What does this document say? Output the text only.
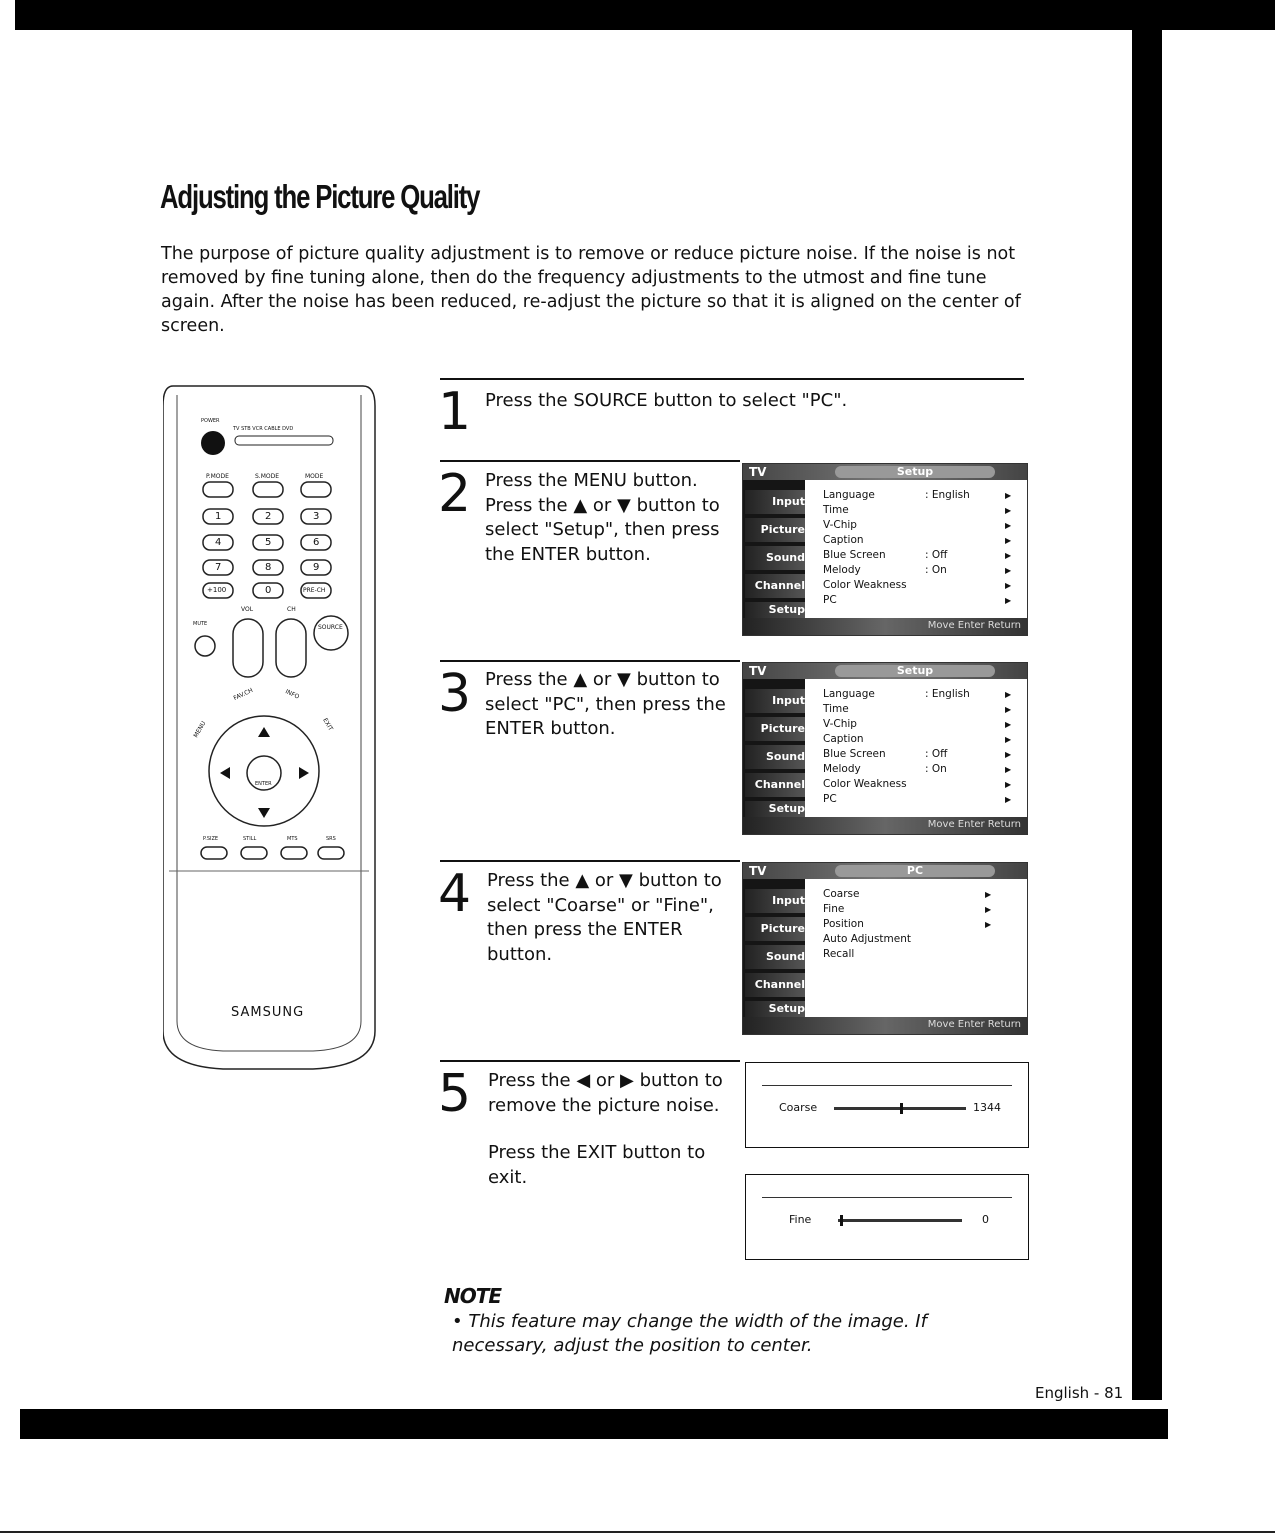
Adjusting the Picture Quality
The purpose of picture quality adjustment is to remove or reduce picture noise. If the noise is not removed by fine tuning alone, then do the frequency adjustments to the utmost and fine tune again. After the noise has been reduced, re-adjust the picture so that it is aligned on the center of screen.
POWER
TV STB VCR CABLE DVD
P.MODE	S.MODE	MODE
1	2	3
4	5	6
7	8	9
+100	0	PRE-CH
VOL	CH
MUTE	SOURCE
FAV.CH	INFO
MENU	EXIT
ENTER
P.SIZE	STILL	MTS	SRS
SAMSUNG
1 Press the SOURCE button to select "PC".
2 Press the MENU button. Press the ▲ or ▼ button to select "Setup", then press the ENTER button.
TV	Setup
Input
Picture
Sound
Channel
Setup
Language	: English	▶
Time	▶
V-Chip	▶
Caption	▶
Blue Screen	: Off	▶
Melody	: On	▶
Color Weakness	▶
PC	▶
Move Enter Return
3 Press the ▲ or ▼ button to select "PC", then press the ENTER button.
TV	Setup
Input
Picture
Sound
Channel
Setup
Language	: English	▶
Time	▶
V-Chip	▶
Caption	▶
Blue Screen	: Off	▶
Melody	: On	▶
Color Weakness	▶
PC	▶
Move Enter Return
4 Press the ▲ or ▼ button to select "Coarse" or "Fine", then press the ENTER button.
TV	PC
Input
Picture
Sound
Channel
Setup
Coarse	▶
Fine	▶
Position	▶
Auto Adjustment
Recall
Move Enter Return
5 Press the ◀ or ▶ button to remove the picture noise.
Press the EXIT button to exit.
Coarse	1344
Fine	0
NOTE
• This feature may change the width of the image. If necessary, adjust the position to center.
English - 81
